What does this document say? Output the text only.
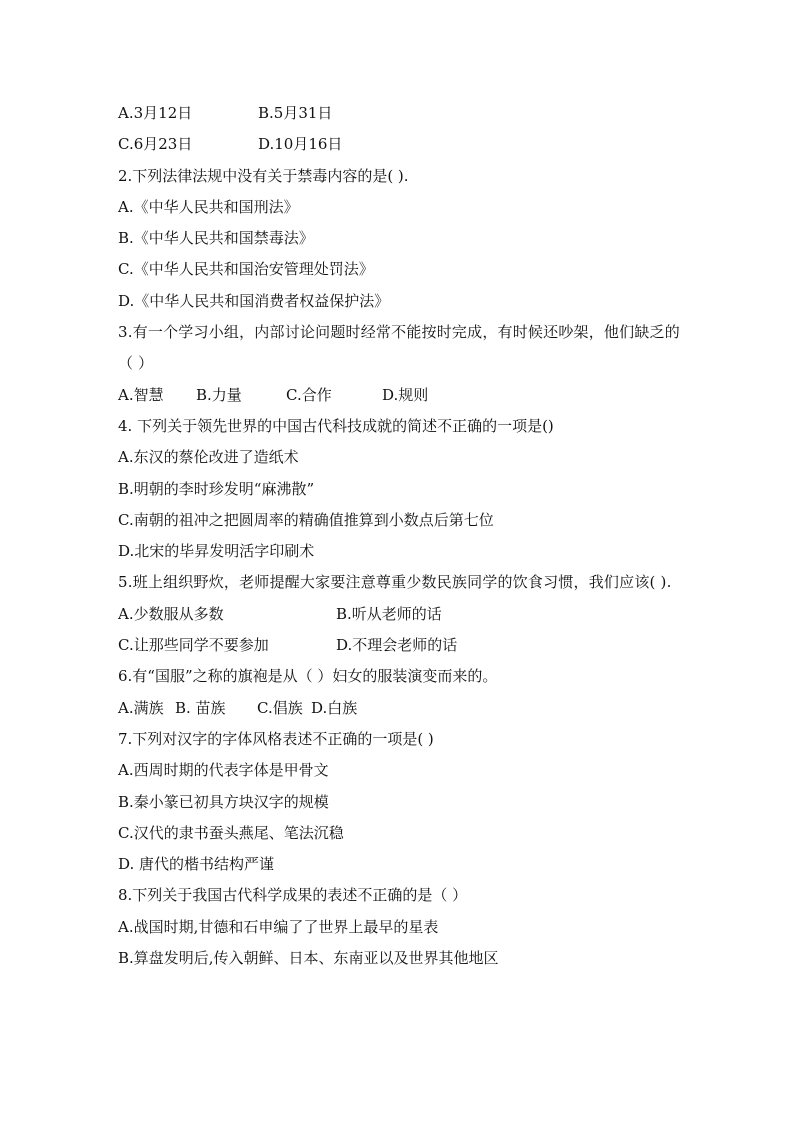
A.3月12日	B.5月31日
C.6月23日	D.10月16日
2.下列法律法规中没有关于禁毒内容的是( ).
A.《中华人民共和国刑法》
B.《中华人民共和国禁毒法》
C.《中华人民共和国治安管理处罚法》
D.《中华人民共和国消费者权益保护法》
3.有一个学习小组，内部讨论问题时经常不能按时完成，有时候还吵架，他们缺乏的（ ）
A.智慧 B.力量	C.合作	D.规则
4. 下列关于领先世界的中国古代科技成就的简述不正确的一项是()
A.东汉的蔡伦改进了造纸术
B.明朝的李时珍发明“麻沸散”
C.南朝的祖冲之把圆周率的精确值推算到小数点后第七位
D.北宋的毕昇发明活字印刷术
5.班上组织野炊，老师提醒大家要注意尊重少数民族同学的饮食习惯，我们应该( ).
A.少数服从多数	B.听从老师的话
C.让那些同学不要参加	D.不理会老师的话
6.有“国服”之称的旗袍是从（ ）妇女的服装演变而来的。
A.满族 B. 苗族 C.倡族 D.白族
7.下列对汉字的字体风格表述不正确的一项是( )
A.西周时期的代表字体是甲骨文
B.秦小篆已初具方块汉字的规模
C.汉代的隶书蚕头燕尾、笔法沉稳
D. 唐代的楷书结构严谨
8.下列关于我国古代科学成果的表述不正确的是（ ）
A.战国时期,甘德和石申编了了世界上最早的星表
B.算盘发明后,传入朝鲜、日本、东南亚以及世界其他地区
